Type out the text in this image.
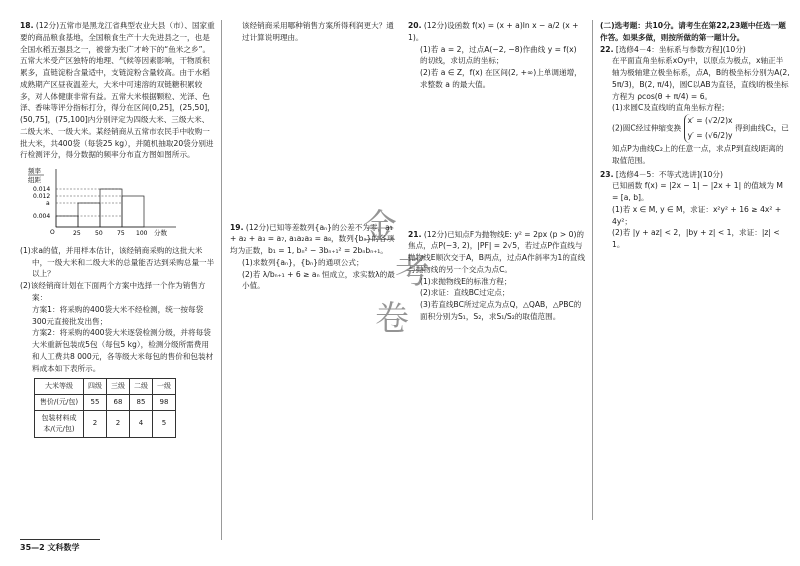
18. (12分)五常市是黑龙江省典型农业大县（市）、国家重要的商品粮食基地，全国粮食生产十大先进县之一，也是全国水稻五强县之一，被誉为张广才岭下的“鱼米之乡”。五常大米受产区独特的地理、气候等因素影响，干物质积累多，直链淀粉含量适中，支链淀粉含量较高。由于水稻成熟期产区昼夜温差大，大米中可速溶的双链糖积累较多，对人体健康非常有益。五常大米根据颗粒、光泽、色泽、香味等评分指标打分，得分在区间(0,25]，(25,50]，(50,75]，(75,100]内分别评定为四级大米、三级大米、二级大米、一级大米。某经销商从五常市农民手中收购一批大米，共400袋（每袋25 kg），并随机抽取20袋分别进行检测评分，得分数据的频率分布直方图如图所示。

频率
组距
0.014
0.012
a
0.004
O	25 50 75 100 分数

(1)求a的值，并用样本估计，该经销商采购的这批大米中，一级大米和二级大米的总量能否达到采购总量一半以上？

(2)该经销商计划在下面两个方案中选择一个作为销售方案：

方案1：将采购的400袋大米不经检测，统一按每袋300元直接批发出售；

方案2：将采购的400袋大米逐袋检测分级，并将每袋大米重新包装成5包（每包5 kg），检测分级所需费用和人工费共8 000元，各等级大米每包的售价和包装材料成本如下表所示。

大米等级	四级	三级	二级	一级
售价/(元/包)	55	68	85	98
包装材料成本/(元/包)	2	2	4	5

该经销商采用哪种销售方案所得利润更大？通过计算说明理由。

19. (12分)已知等差数列{aₙ}的公差不为零，a₁ + a₂ + a₃ = a₇, a₁a₂a₃ = a₈，数列{bₙ}的各项均为正数，b₁ = 1, bₙ² − 3bₙ₊₁² = 2bₙbₙ₊₁。

(1)求数列{aₙ}，{bₙ}的通项公式；

(2)若 λ/bₙ₊₁ + 6 ≥ aₙ 恒成立，求实数λ的最小值。

20. (12分)设函数 f(x) = (x + a)ln x − a/2 (x + 1)。

(1)若 a = 2，过点A(−2, −8)作曲线 y = f(x) 的切线，求切点的坐标；

(2)若 a ∈ Z，f(x) 在区间(2, +∞)上单调递增，求整数 a 的最大值。

21. (12分)已知点F为抛物线E: y² = 2px (p > 0)的焦点，点P(−3, 2)，|PF| = 2√5，若过点P作直线与抛物线E顺次交于A，B两点，过点A作斜率为1的直线与抛物线的另一个交点为点C。

(1)求抛物线E的标准方程；

(2)求证：直线BC过定点；

(3)若直线BC所过定点为点Q，△QAB，△PBC的面积分别为S₁，S₂，求S₁/S₂的取值范围。

(二)选考题：共10分。请考生在第22,23题中任选一题作答。如果多做，则按所做的第一题计分。

22. [选修4－4：坐标系与参数方程](10分)

在平面直角坐标系xOy中，以原点为极点，x轴正半轴为极轴建立极坐标系，点A，B的极坐标分别为A(2, 5π/3)，B(2, π/4)，圆C以AB为直径，直线l的极坐标方程为 ρcos(θ + π/4) = 6。

(1)求圆C及直线l的直角坐标方程；

(2)圆C经过伸缩变换 x′ = (√2/2)x
y′ = (√6/2)y 得到曲线C₂，已知点P为曲线C₂上的任意一点，求点P到直线l距离的取值范围。

23. [选修4－5：不等式选讲](10分)

已知函数 f(x) = |2x − 1| − |2x + 1| 的值域为 M = [a, b]。

(1)若 x ∈ M, y ∈ M，求证：x²y² + 16 ≥ 4x² + 4y²；

(2)若 |y + az| < 2，|by + z| < 1，求证：|z| < 1。

金
考
卷
35—2 文科数学
